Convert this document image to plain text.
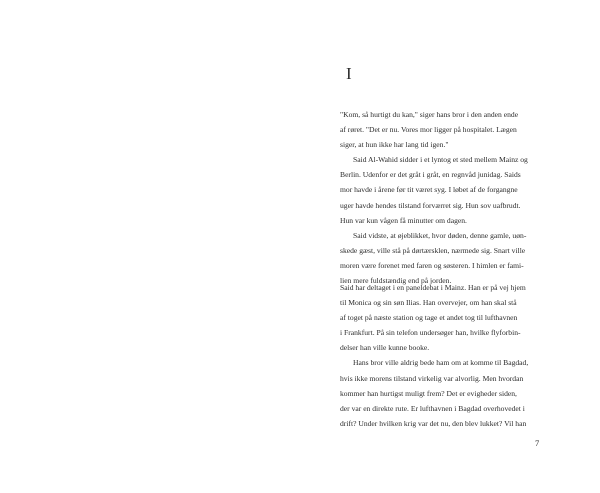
I
"Kom, så hurtigt du kan," siger hans bror i den anden ende
af røret. "Det er nu. Vores mor ligger på hospitalet. Lægen
siger, at hun ikke har lang tid igen."
Said Al-Wahid sidder i et lyntog et sted mellem Mainz og
Berlin. Udenfor er det gråt i gråt, en regnvåd junidag. Saids
mor havde i årene før tit været syg. I løbet af de forgangne
uger havde hendes tilstand forværret sig. Hun sov uafbrudt.
Hun var kun vågen få minutter om dagen.
Said vidste, at øjeblikket, hvor døden, denne gamle, uøn-
skede gæst, ville stå på dørtærsklen, nærmede sig. Snart ville
moren være forenet med faren og søsteren. I himlen er fami-
lien mere fuldstændig end på jorden.
Said har deltaget i en paneldebat i Mainz. Han er på vej hjem
til Monica og sin søn Ilias. Han overvejer, om han skal stå
af toget på næste station og tage et andet tog til lufthavnen
i Frankfurt. På sin telefon undersøger han, hvilke flyforbin-
delser han ville kunne booke.
Hans bror ville aldrig bede ham om at komme til Bagdad,
hvis ikke morens tilstand virkelig var alvorlig. Men hvordan
kommer han hurtigst muligt frem? Det er evigheder siden,
der var en direkte rute. Er lufthavnen i Bagdad overhovedet i
drift? Under hvilken krig var det nu, den blev lukket? Vil han
7
